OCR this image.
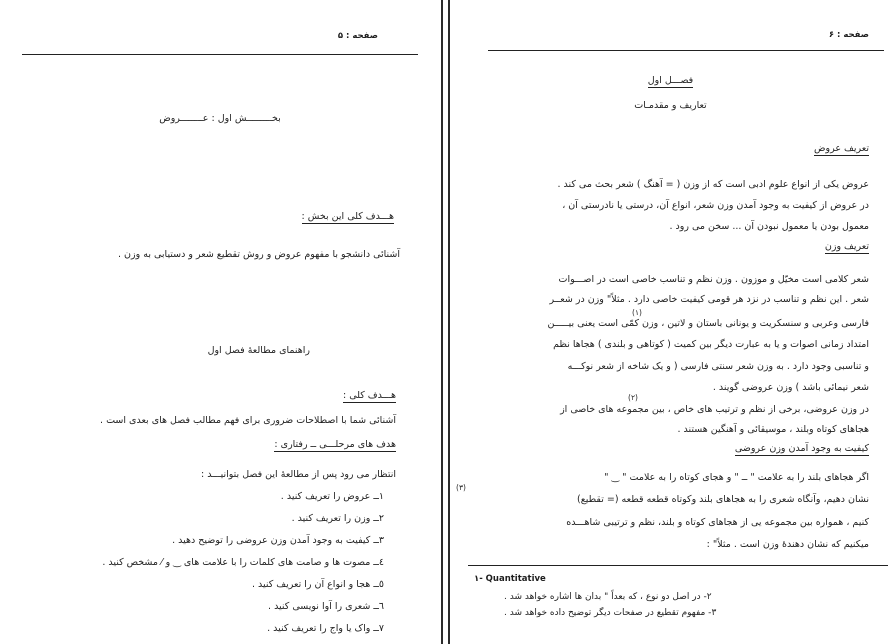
صفحه : ۵
بخـــــــــش اول : عــــــــروض
هـــدف کلی این بخش :
آشنائی دانشجو با مفهوم عروض و روش تقطیع شعر و دستیابی به وزن .
راهنمای مطالعهٔ فصل اول
هـــدف کلی :
آشنائی شما با اصطلاحات ضروری برای فهم مطالب فصل های بعدی است .
هدف های مرحلـــی ــ رفتاری :
انتظار می رود پس از مطالعهٔ این فصل بتوانیـــد :
۱ــ عروض را تعریف کنید .
۲ــ وزن را تعریف کنید .
۳ــ کیفیت به وجود آمدن وزن عروضی را توضیح دهید .
٤ــ مصوت ها و صامت های کلمات را با علامت های ‿ و ⁄ مشخص کنید .
٥ــ هجا و انواع آن را تعریف کنید .
٦ــ شعری را آوا نویسی کنید .
٧ــ واک یا واج را تعریف کنید .
صفحه : ۶
فصـــل اول
تعاریف و مقدمـات
تعریف عروض
عروض یکی از انواع علوم ادبی است که از وزن ( = آهنگ ) شعر بحث می کند .
در عروض از کیفیت به وجود آمدن وزن شعر، انواع آن، درستی یا نادرستی آن ،
معمول بودن یا معمول نبودن آن ... سخن می رود .
تعریف وزن
شعر کلامی است مخیّل و موزون . وزن نظم و تناسب خاصی است در اصـــوات
شعر . این نظم و تناسب در نزد هر قومی کیفیت خاصی دارد . مثلاً" وزن در شعــر
(١)
فارسی وعربی و سنسکریت و یونانی باستان و لاتین ، وزن کمّی است یعنی بیـــــن
امتداد زمانی اصوات و یا به عبارت دیگر بین کمیت ( کوتاهی و بلندی ) هجاها نظم
و تناسبی وجود دارد . به وزن شعر سنتی فارسی ( و یک شاخه از شعر نوکـــه
شعر نیمائی باشد ) وزن عروضی گویند .
(٢)
در وزن عروضی، برخی از نظم و ترتیب های خاص ، بین مجموعه های خاصی از
هجاهای کوتاه وبلند ، موسیقائی و آهنگین هستند .
کیفیت به وجود آمدن وزن عروضی
اگر هجاهای بلند را به علامت " ــ " و هجای کوتاه را به علامت " ‿ "
(٣)
نشان دهیم، وآنگاه شعری را به هجاهای بلند وکوتاه قطعه قطعه (= تقطیع)
کنیم ، همواره بین مجموعه یی از هجاهای کوتاه و بلند، نظم و ترتیبی شاهـــده
میکنیم که نشان دهندهٔ وزن است . مثلاً" :
۱- Quantitative
۲- در اصل دو نوع ، که بعداً " بدان ها اشاره خواهد شد .
۳- مفهوم تقطیع در صفحات دیگر توضیح داده خواهد شد .
